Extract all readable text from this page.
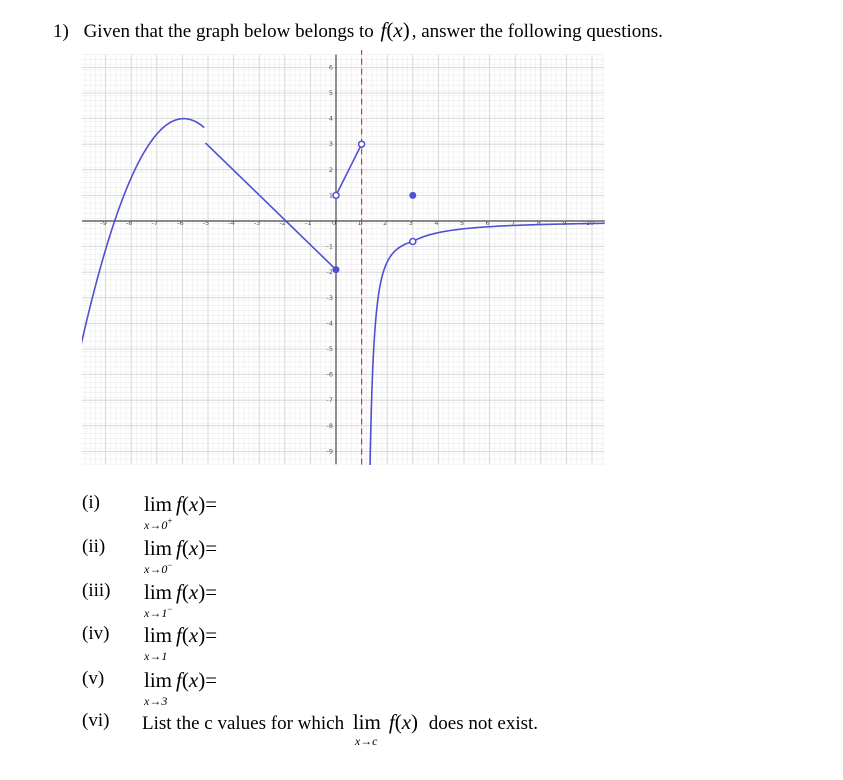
1) Given that the graph below belongs to f(x) , answer the following questions.
-9	-8	-7	-6	-5	-4	-3	-2	-1	0	1	2	3	4	5	6	7	8	9	10
6
5
4
3
2
1
-1
-2
-3
-4
-5
-6
-7
-8
-9
(i) lim
x→0+
f(x)=
(ii) lim
x→0−
f(x)=
(iii) lim
x→1−
f(x)=
(iv) lim
x→1
f(x)=
(v) lim
x→3
f(x)=
(vi) List the c values for which lim
x→c
f(x) does not exist.
